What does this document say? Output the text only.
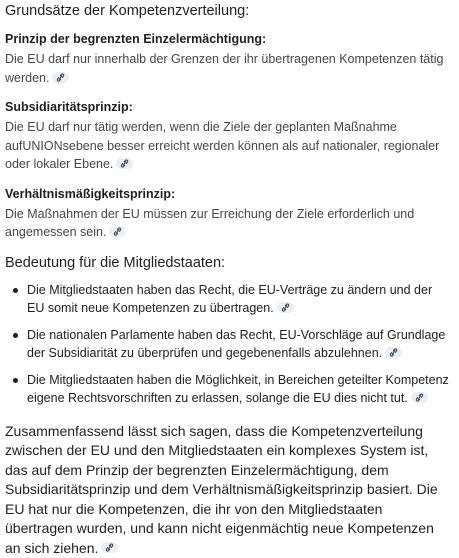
Grundsätze der Kompetenzverteilung:
Prinzip der begrenzten Einzelermächtigung:
Die EU darf nur innerhalb der Grenzen der ihr übertragenen Kompetenzen tätig werden.
Subsidiaritätsprinzip:
Die EU darf nur tätig werden, wenn die Ziele der geplanten Maßnahme aufUNIONsebene besser erreicht werden können als auf nationaler, regionaler oder lokaler Ebene.
Verhältnismäßigkeitsprinzip:
Die Maßnahmen der EU müssen zur Erreichung der Ziele erforderlich und angemessen sein.
Bedeutung für die Mitgliedstaaten:
Die Mitgliedstaaten haben das Recht, die EU-Verträge zu ändern und der EU somit neue Kompetenzen zu übertragen.
Die nationalen Parlamente haben das Recht, EU-Vorschläge auf Grundlage der Subsidiarität zu überprüfen und gegebenenfalls abzulehnen.
Die Mitgliedstaaten haben die Möglichkeit, in Bereichen geteilter Kompetenz eigene Rechtsvorschriften zu erlassen, solange die EU dies nicht tut.

Zusammenfassend lässt sich sagen, dass die Kompetenzverteilung zwischen der EU und den Mitgliedstaaten ein komplexes System ist, das auf dem Prinzip der begrenzten Einzelermächtigung, dem Subsidiaritätsprinzip und dem Verhältnismäßigkeitsprinzip basiert. Die EU hat nur die Kompetenzen, die ihr von den Mitgliedstaaten übertragen wurden, und kann nicht eigenmächtig neue Kompetenzen an sich ziehen.
